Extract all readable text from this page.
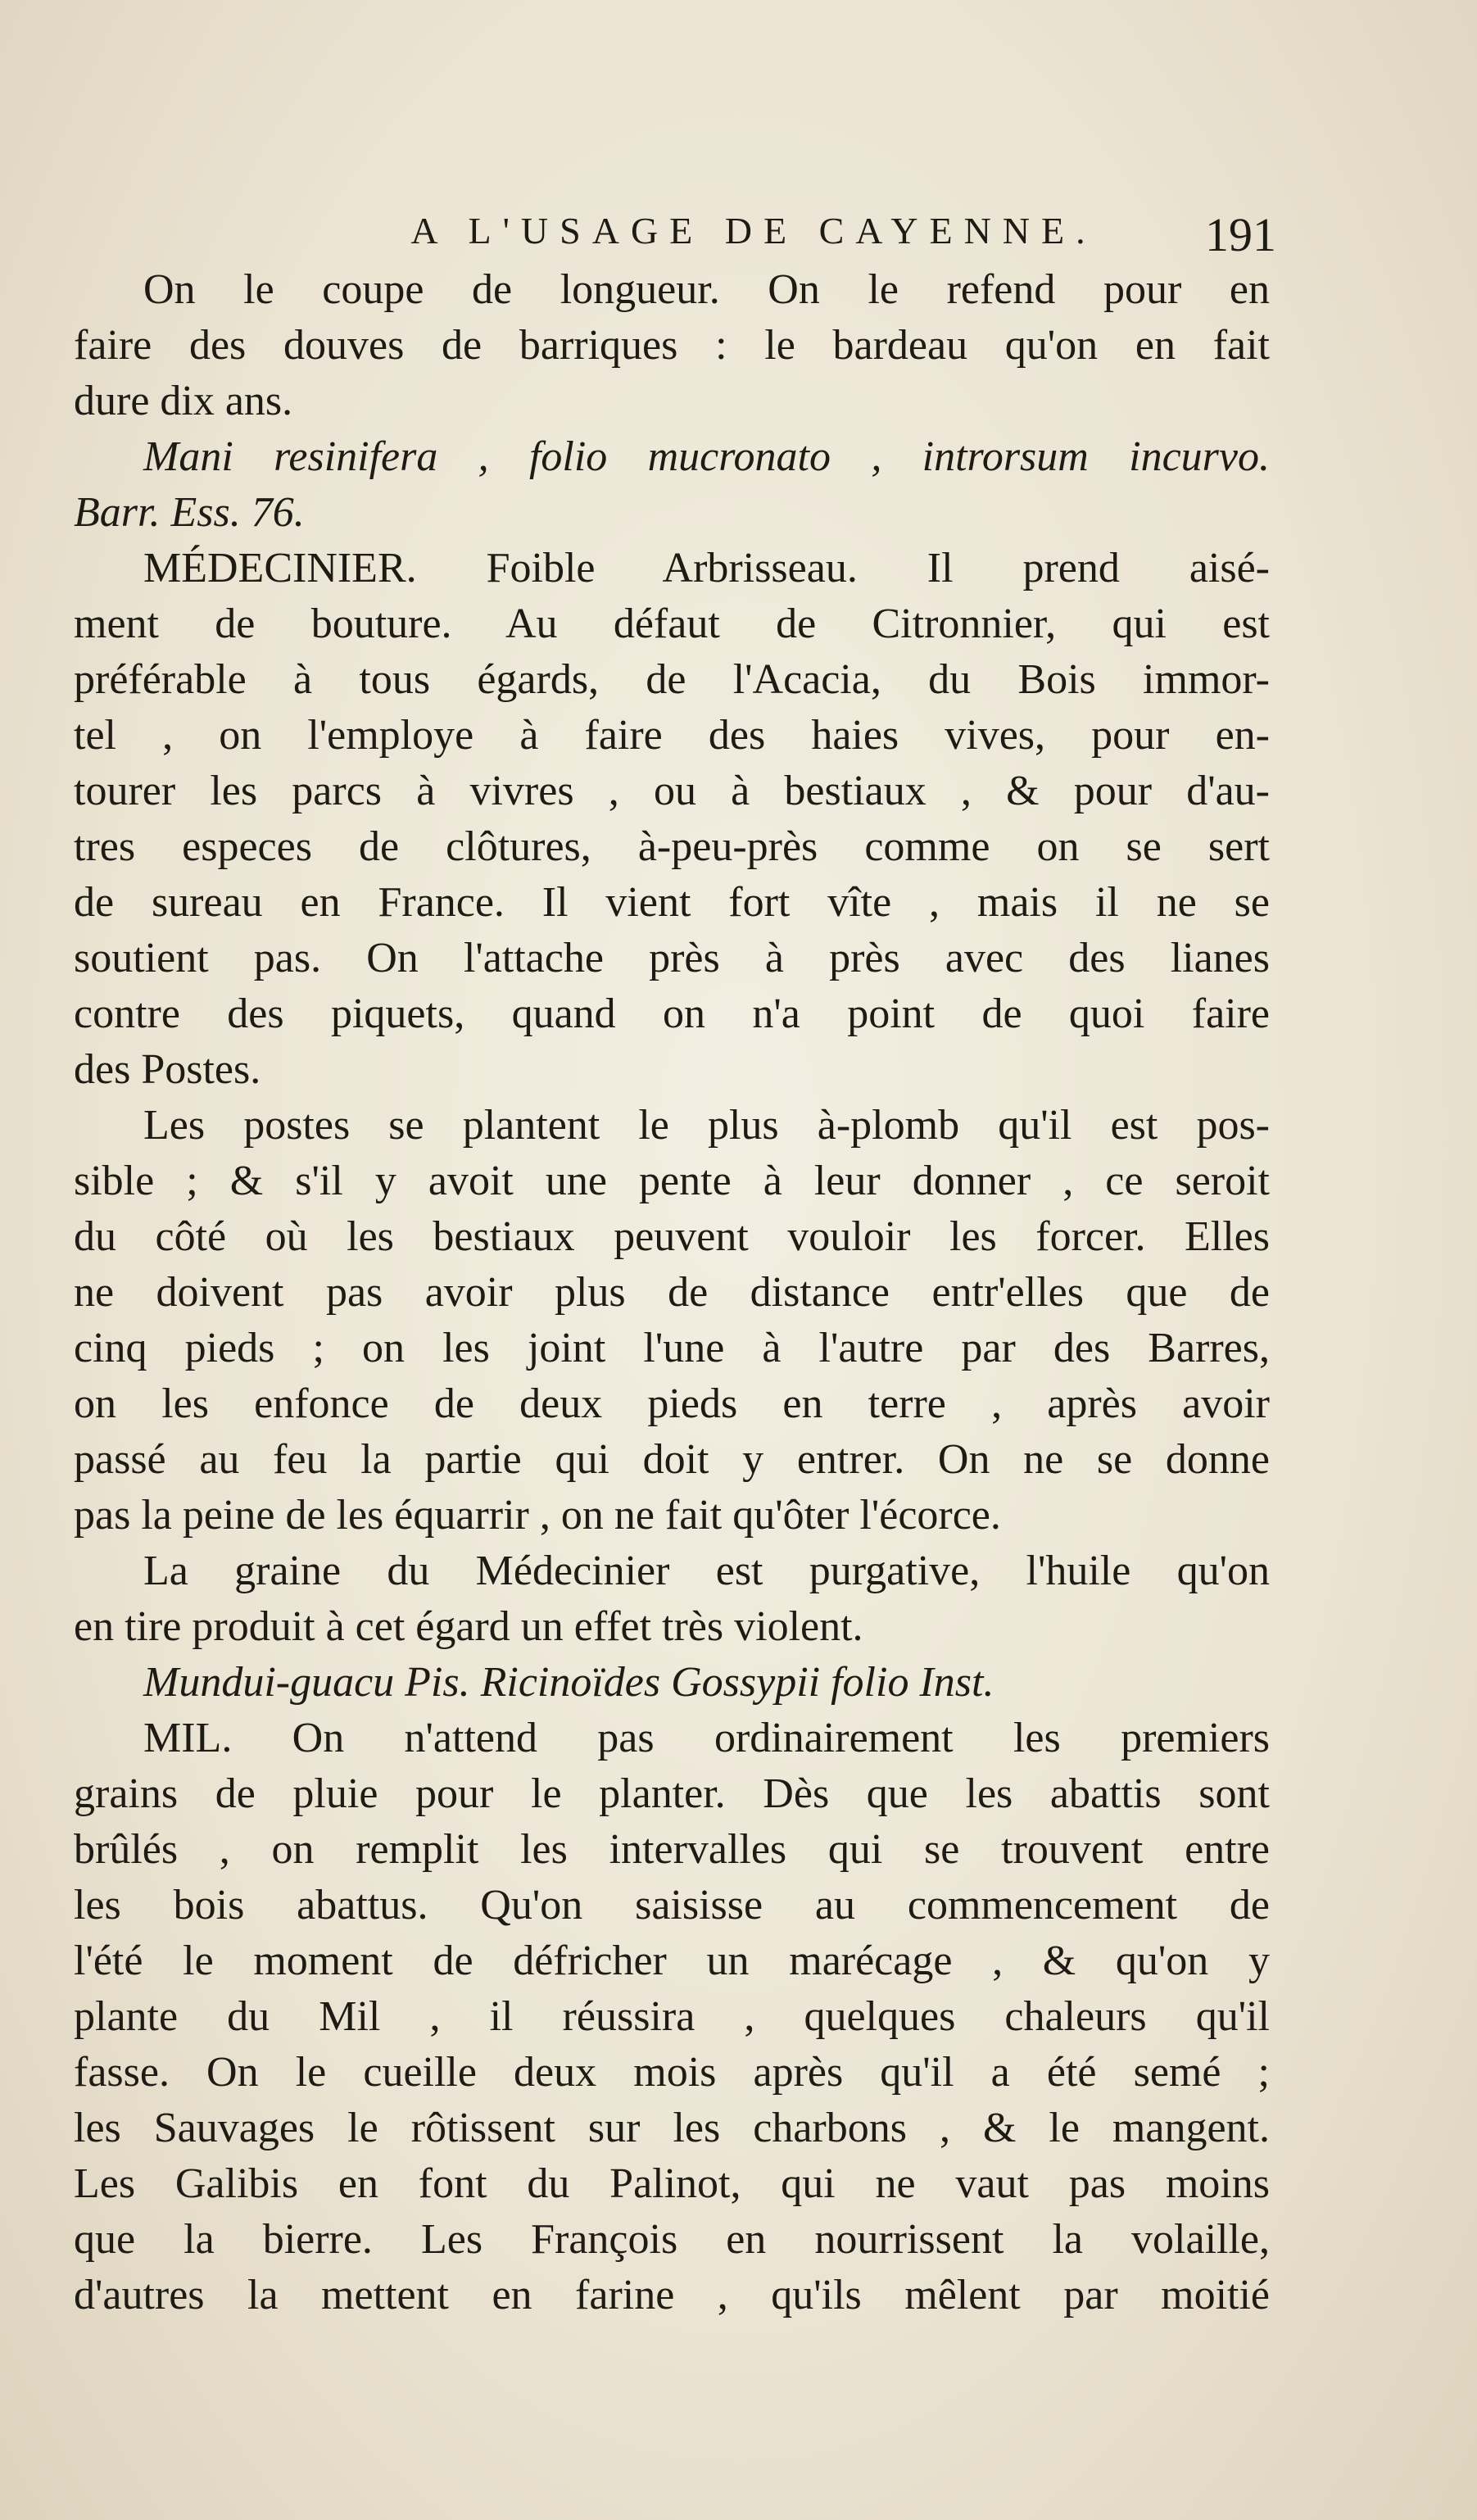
A L'USAGE DE CAYENNE.	191
On le coupe de longueur. On le refend pour en
faire des douves de barriques : le bardeau qu'on en fait
dure dix ans.
Mani resinifera , folio mucronato , introrsum incurvo.
Barr. Ess. 76.
MÉDECINIER. Foible Arbrisseau. Il prend aisé-
ment de bouture. Au défaut de Citronnier, qui est
préférable à tous égards, de l'Acacia, du Bois immor-
tel , on l'employe à faire des haies vives, pour en-
tourer les parcs à vivres , ou à bestiaux , & pour d'au-
tres especes de clôtures, à-peu-près comme on se sert
de sureau en France. Il vient fort vîte , mais il ne se
soutient pas. On l'attache près à près avec des lianes
contre des piquets, quand on n'a point de quoi faire
des Postes.
Les postes se plantent le plus à-plomb qu'il est pos-
sible ; & s'il y avoit une pente à leur donner , ce seroit
du côté où les bestiaux peuvent vouloir les forcer. Elles
ne doivent pas avoir plus de distance entr'elles que de
cinq pieds ; on les joint l'une à l'autre par des Barres,
on les enfonce de deux pieds en terre , après avoir
passé au feu la partie qui doit y entrer. On ne se donne
pas la peine de les équarrir , on ne fait qu'ôter l'écorce.
La graine du Médecinier est purgative, l'huile qu'on
en tire produit à cet égard un effet très violent.
Mundui-guacu Pis. Ricinoïdes Gossypii folio Inst.
MIL. On n'attend pas ordinairement les premiers
grains de pluie pour le planter. Dès que les abattis sont
brûlés , on remplit les intervalles qui se trouvent entre
les bois abattus. Qu'on saisisse au commencement de
l'été le moment de défricher un marécage , & qu'on y
plante du Mil , il réussira , quelques chaleurs qu'il
fasse. On le cueille deux mois après qu'il a été semé ;
les Sauvages le rôtissent sur les charbons , & le mangent.
Les Galibis en font du Palinot, qui ne vaut pas moins
que la bierre. Les François en nourrissent la volaille,
d'autres la mettent en farine , qu'ils mêlent par moitié
